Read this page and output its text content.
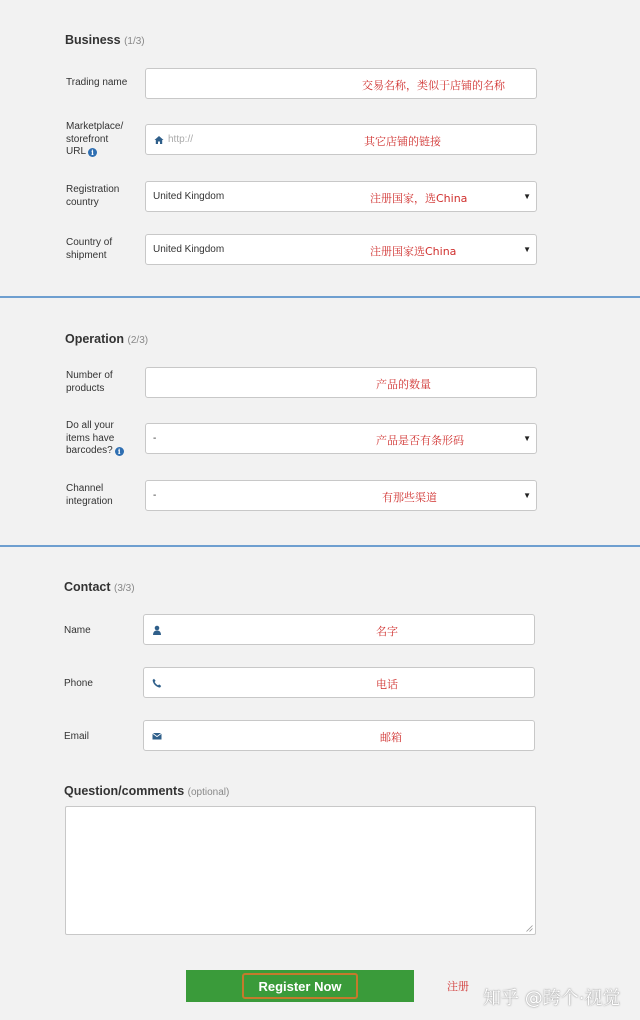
Business (1/3)
Trading name	交易名称，类似于店铺的名称
Marketplace/
storefront
URL i
http://	其它店铺的链接
Registration
country	United Kingdom	注册国家，选China	▼
Country of
shipment	United Kingdom	注册国家选China	▼
Operation (2/3)
Number of
products	产品的数量
Do all your
items have
barcodes? i
-	产品是否有条形码	▼
Channel
integration	-	有那些渠道	▼
Contact (3/3)
Name	名字
Phone	电话
Email	邮箱
Question/comments (optional)
Register Now	注册
知乎 @跨个·视觉
